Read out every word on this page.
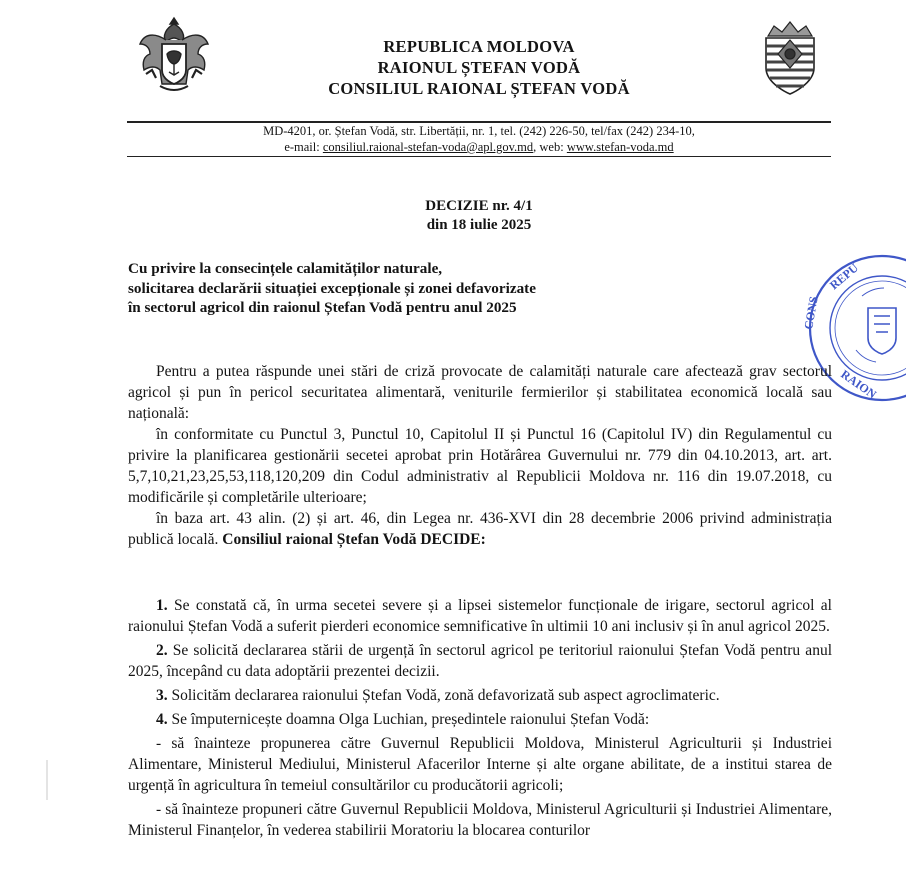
REPUBLICA MOLDOVA
RAIONUL ȘTEFAN VODĂ
CONSILIUL RAIONAL ȘTEFAN VODĂ
MD-4201, or. Ștefan Vodă, str. Libertății, nr. 1, tel. (242) 226-50, tel/fax (242) 234-10,
e-mail: consiliul.raional-stefan-voda@apl.gov.md, web: www.stefan-voda.md
DECIZIE nr. 4/1
din 18 iulie 2025
Cu privire la consecințele calamităților naturale,
solicitarea declarării situației excepționale și zonei defavorizate
în sectorul agricol din raionul Ștefan Vodă pentru anul 2025
REPU
CONS
RAION

Pentru a putea răspunde unei stări de criză provocate de calamități naturale care afectează grav sectorul agricol și pun în pericol securitatea alimentară, veniturile fermierilor și stabilitatea economică locală sau națională:

în conformitate cu Punctul 3, Punctul 10, Capitolul II și Punctul 16 (Capitolul IV) din Regulamentul cu privire la planificarea gestionării secetei aprobat prin Hotărârea Guvernului nr. 779 din 04.10.2013, art. art. 5,7,10,21,23,25,53,118,120,209 din Codul administrativ al Republicii Moldova nr. 116 din 19.07.2018, cu modificările și completările ulterioare;

în baza art. 43 alin. (2) și art. 46, din Legea nr. 436-XVI din 28 decembrie 2006 privind administrația publică locală. Consiliul raional Ștefan Vodă DECIDE:

1. Se constată că, în urma secetei severe și a lipsei sistemelor funcționale de irigare, sectorul agricol al raionului Ștefan Vodă a suferit pierderi economice semnificative în ultimii 10 ani inclusiv și în anul agricol 2025.

2. Se solicită declararea stării de urgență în sectorul agricol pe teritoriul raionului Ștefan Vodă pentru anul 2025, începând cu data adoptării prezentei decizii.

3. Solicităm declararea raionului Ștefan Vodă, zonă defavorizată sub aspect agroclimateric.

4. Se împuternicește doamna Olga Luchian, președintele raionului Ștefan Vodă:

- să înainteze propunerea către Guvernul Republicii Moldova, Ministerul Agriculturii și Industriei Alimentare, Ministerul Mediului, Ministerul Afacerilor Interne și alte organe abilitate, de a institui starea de urgență în agricultura în temeiul consultărilor cu producătorii agricoli;

- să înainteze propuneri către Guvernul Republicii Moldova, Ministerul Agriculturii și Industriei Alimentare, Ministerul Finanțelor, în vederea stabilirii Moratoriu la blocarea conturilor
